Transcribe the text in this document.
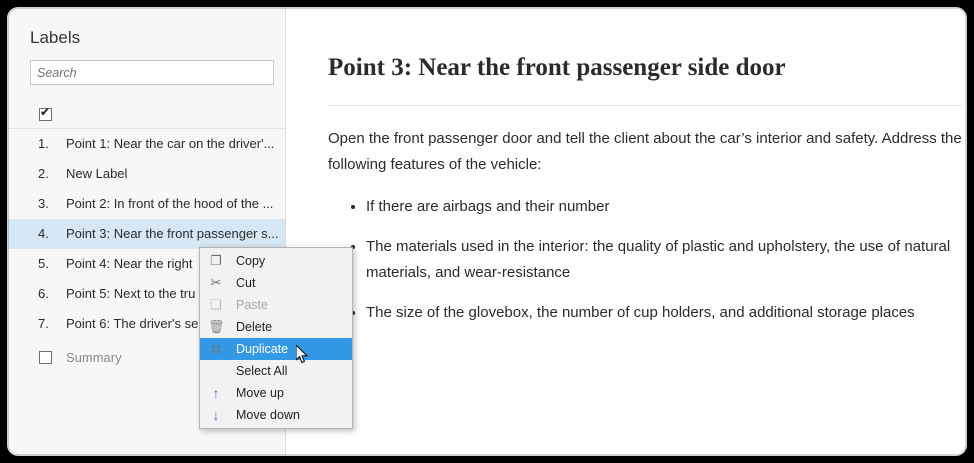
Labels
Search
✔
1.	Point 1: Near the car on the driver'...
2.	New Label
3.	Point 2: In front of the hood of the ...
4.	Point 3: Near the front passenger s...
5.	Point 4: Near the right
6.	Point 5: Next to the tru
7.	Point 6: The driver's se
Summary
Point 3: Near the front passenger side door
Open the front passenger door and tell the client about the car’s interior and safety. Address the following features of the vehicle:
• If there are airbags and their number
• The materials used in the interior: the quality of plastic and upholstery, the use of natural materials, and wear-resistance
• The size of the glovebox, the number of cup holders, and additional storage places
❐ Copy
✂ Cut
❑ Paste
🗑 Delete
⧉ Duplicate
Select All
↑	Move up
↓	Move down
